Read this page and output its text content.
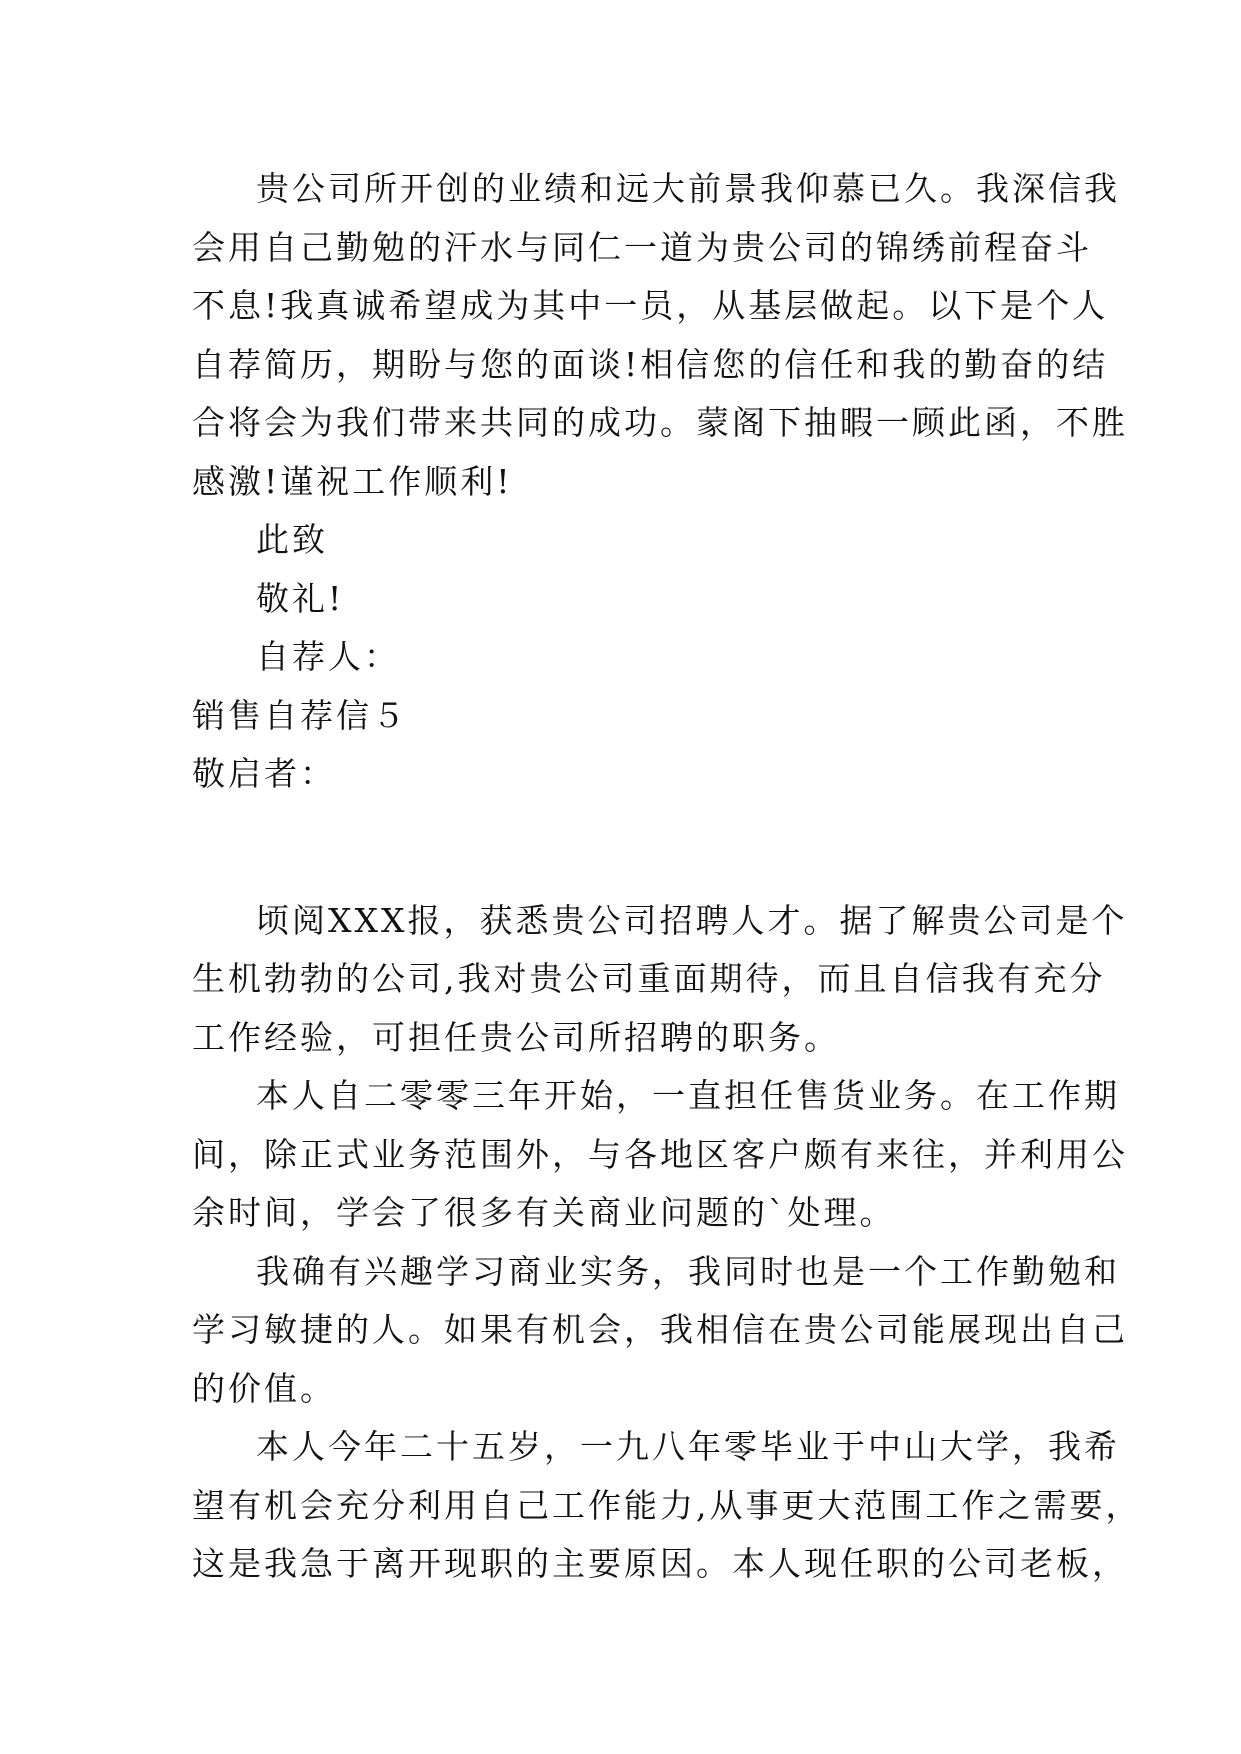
贵公司所开创的业绩和远大前景我仰慕已久。我深信我
会用自己勤勉的汗水与同仁一道为贵公司的锦绣前程奋斗
不息!我真诚希望成为其中一员，从基层做起。以下是个人
自荐简历，期盼与您的面谈!相信您的信任和我的勤奋的结
合将会为我们带来共同的成功。蒙阁下抽暇一顾此函，不胜
感激!谨祝工作顺利!
此致
敬礼!
自荐人：
销售自荐信５
敬启者：
顷阅XXX报，获悉贵公司招聘人才。据了解贵公司是个
生机勃勃的公司,我对贵公司重面期待，而且自信我有充分
工作经验，可担任贵公司所招聘的职务。
本人自二零零三年开始，一直担任售货业务。在工作期
间，除正式业务范围外，与各地区客户颇有来往，并利用公
余时间，学会了很多有关商业问题的`处理。
我确有兴趣学习商业实务，我同时也是一个工作勤勉和
学习敏捷的人。如果有机会，我相信在贵公司能展现出自己
的价值。
本人今年二十五岁，一九八年零毕业于中山大学，我希
望有机会充分利用自己工作能力,从事更大范围工作之需要，
这是我急于离开现职的主要原因。本人现任职的公司老板，
